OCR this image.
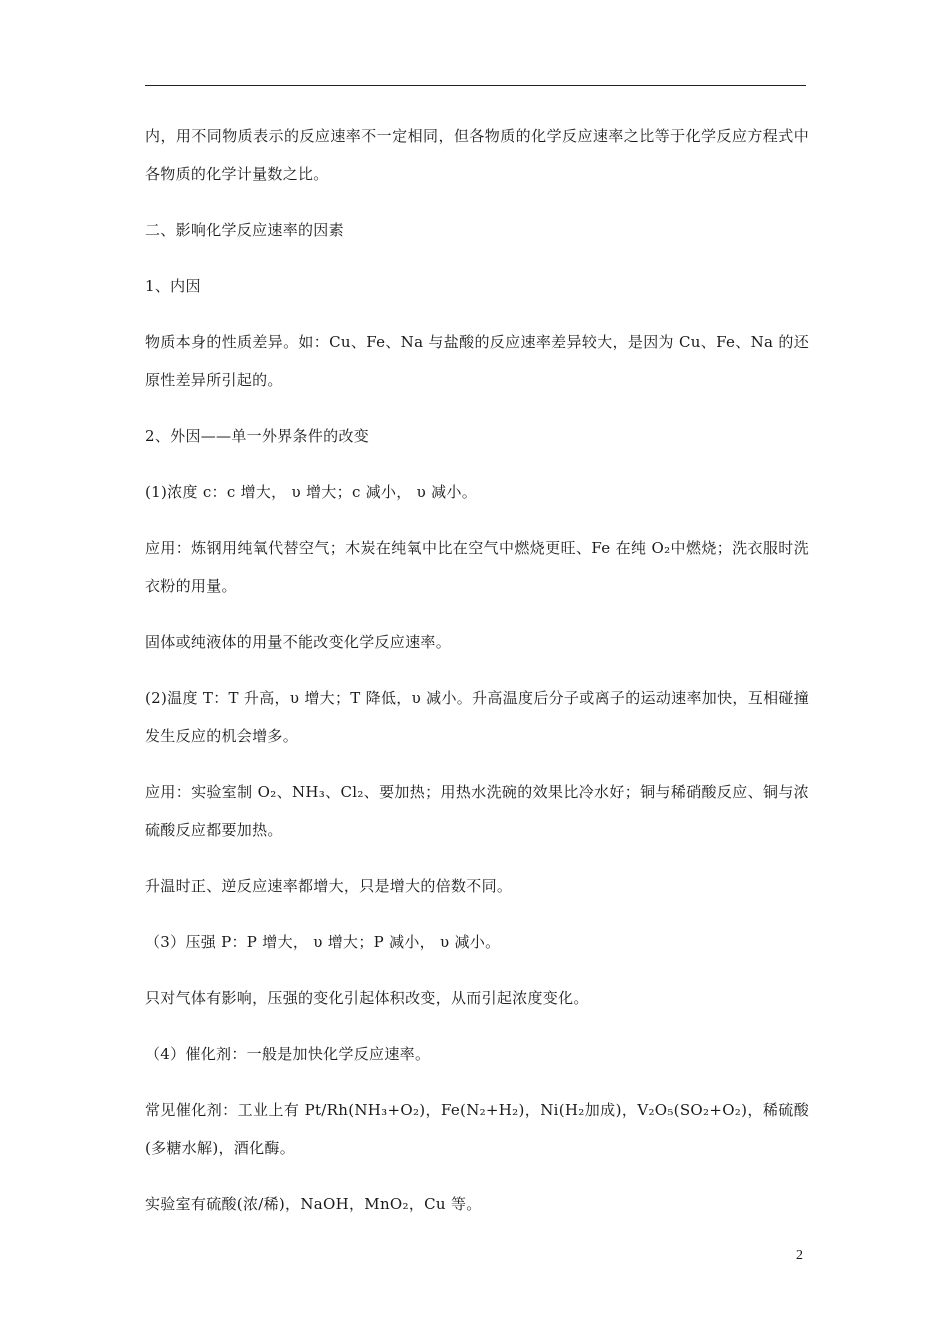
内，用不同物质表示的反应速率不一定相同，但各物质的化学反应速率之比等于化学反应方程式中各物质的化学计量数之比。

二、影响化学反应速率的因素

1、内因

物质本身的性质差异。如：Cu、Fe、Na 与盐酸的反应速率差异较大，是因为 Cu、Fe、Na 的还原性差异所引起的。

2、外因——单一外界条件的改变

(1)浓度 c：c 增大， υ 增大；c 减小， υ 减小。

应用：炼钢用纯氧代替空气；木炭在纯氧中比在空气中燃烧更旺、Fe 在纯 O₂中燃烧；洗衣服时洗衣粉的用量。

固体或纯液体的用量不能改变化学反应速率。

(2)温度 T：T 升高，υ 增大；T 降低，υ 减小。升高温度后分子或离子的运动速率加快，互相碰撞发生反应的机会增多。

应用：实验室制 O₂、NH₃、Cl₂、要加热；用热水洗碗的效果比冷水好；铜与稀硝酸反应、铜与浓硫酸反应都要加热。

升温时正、逆反应速率都增大，只是增大的倍数不同。

（3）压强 P：P 增大， υ 增大；P 减小， υ 减小。

只对气体有影响，压强的变化引起体积改变，从而引起浓度变化。

（4）催化剂：一般是加快化学反应速率。

常见催化剂：工业上有 Pt/Rh(NH₃+O₂)，Fe(N₂+H₂)，Ni(H₂加成)，V₂O₅(SO₂+O₂)，稀硫酸(多糖水解)，酒化酶。

实验室有硫酸(浓/稀)，NaOH，MnO₂，Cu 等。

2
